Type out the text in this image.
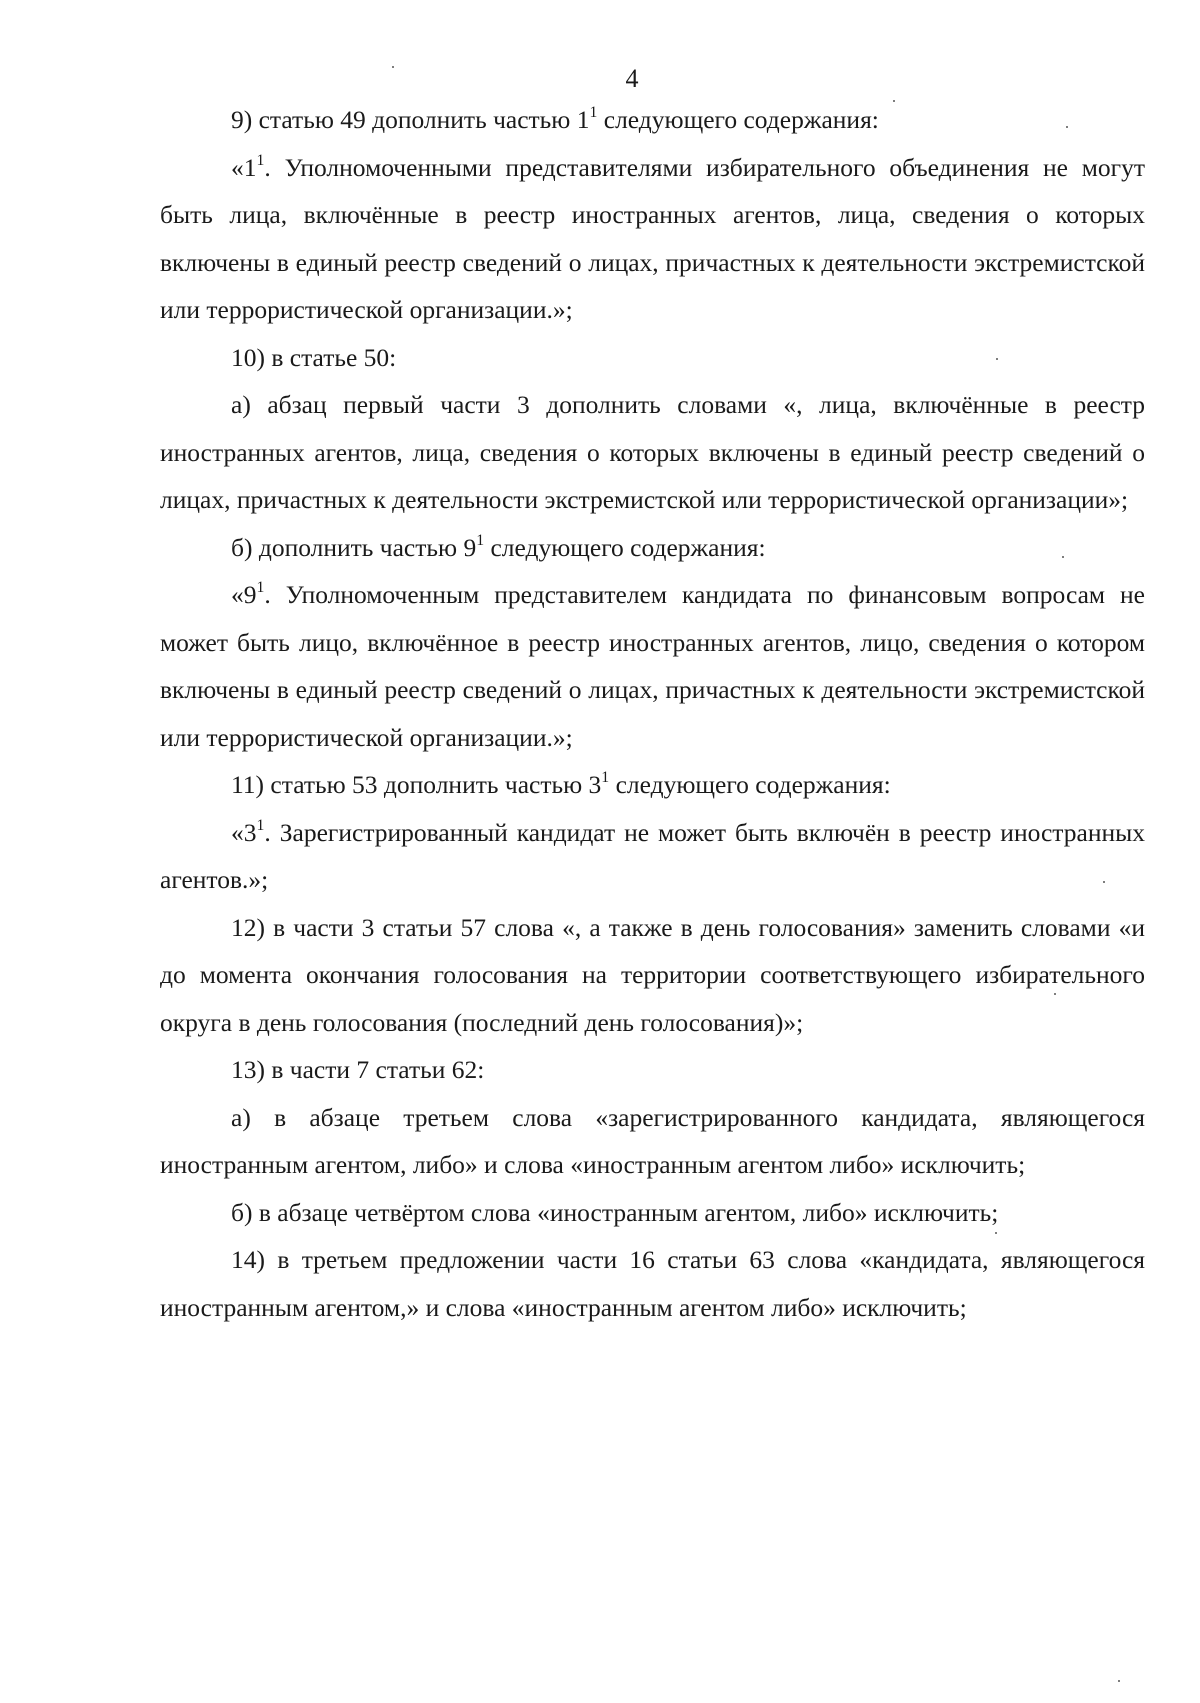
4

9) статью 49 дополнить частью $1^1$ следующего содержания:

«$1^1$. Уполномоченными представителями избирательного объединения не могут быть лица, включённые в реестр иностранных агентов, лица, сведения о которых включены в единый реестр сведений о лицах, причастных к деятельности экстремистской или террористической организации.»;

10) в статье 50:

а) абзац первый части 3 дополнить словами «, лица, включённые в реестр иностранных агентов, лица, сведения о которых включены в единый реестр сведений о лицах, причастных к деятельности экстремистской или террористической организации»;

б) дополнить частью $9^1$ следующего содержания:

«$9^1$. Уполномоченным представителем кандидата по финансовым вопросам не может быть лицо, включённое в реестр иностранных агентов, лицо, сведения о котором включены в единый реестр сведений о лицах, причастных к деятельности экстремистской или террористической организации.»;

11) статью 53 дополнить частью $3^1$ следующего содержания:

«$3^1$. Зарегистрированный кандидат не может быть включён в реестр иностранных агентов.»;

12) в части 3 статьи 57 слова «, а также в день голосования» заменить словами «и до момента окончания голосования на территории соответствующего избирательного округа в день голосования (последний день голосования)»;

13) в части 7 статьи 62:

а) в абзаце третьем слова «зарегистрированного кандидата, являющегося иностранным агентом, либо» и слова «иностранным агентом либо» исключить;

б) в абзаце четвёртом слова «иностранным агентом, либо» исключить;

14) в третьем предложении части 16 статьи 63 слова «кандидата, являющегося иностранным агентом,» и слова «иностранным агентом либо» исключить;
